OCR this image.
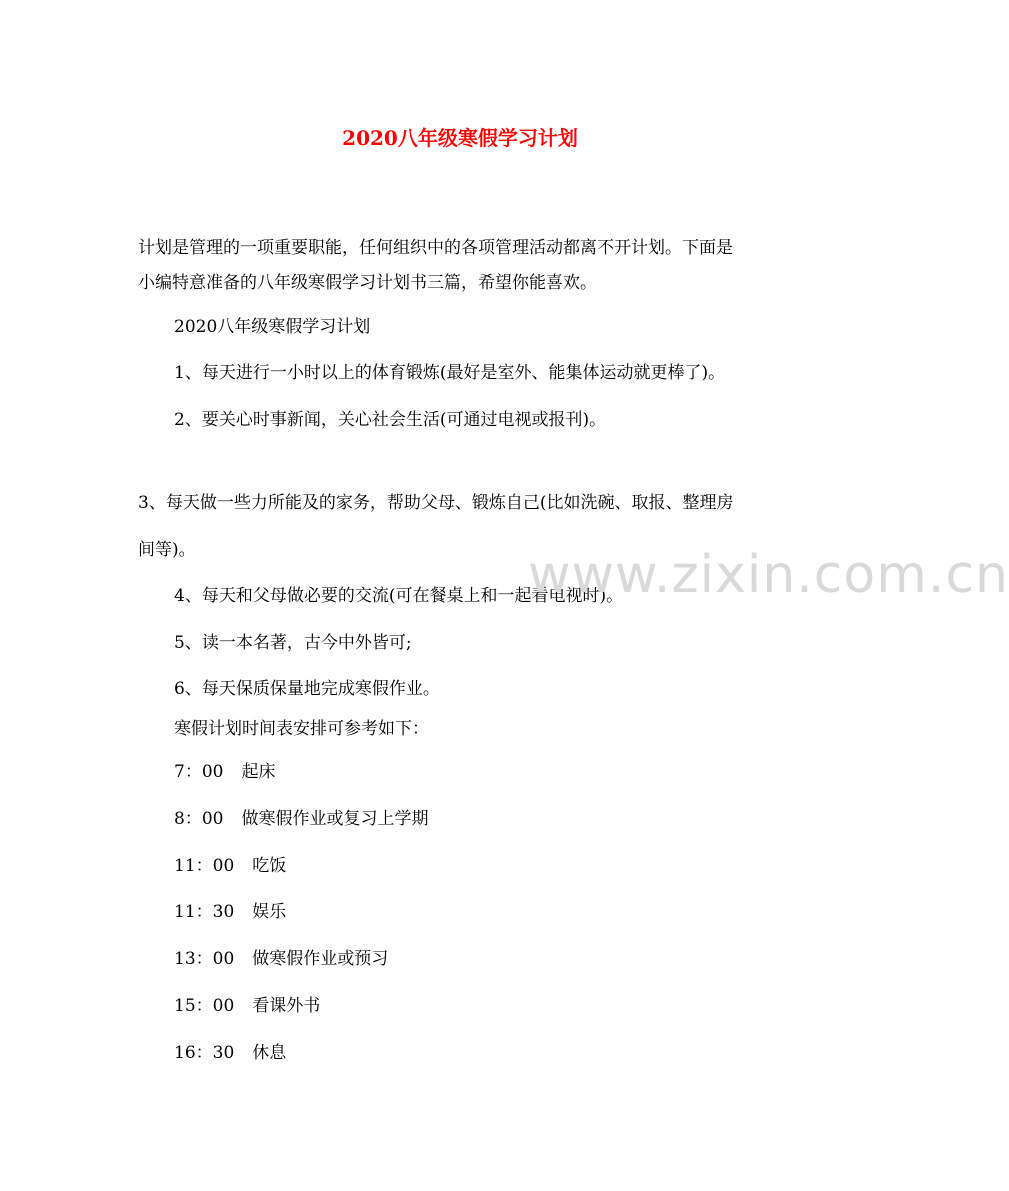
2020八年级寒假学习计划
计划是管理的一项重要职能，任何组织中的各项管理活动都离不开计划。下面是
小编特意准备的八年级寒假学习计划书三篇，希望你能喜欢。
2020八年级寒假学习计划
1、每天进行一小时以上的体育锻炼(最好是室外、能集体运动就更棒了)。
2、要关心时事新闻，关心社会生活(可通过电视或报刊)。
3、每天做一些力所能及的家务，帮助父母、锻炼自己(比如洗碗、取报、整理房
间等)。
4、每天和父母做必要的交流(可在餐桌上和一起看电视时)。
5、读一本名著，古今中外皆可;
6、每天保质保量地完成寒假作业。
寒假计划时间表安排可参考如下：
7：00 起床
8：00 做寒假作业或复习上学期
11：00 吃饭
11：30 娱乐
13：00 做寒假作业或预习
15：00 看课外书
16：30 休息
www.zixin.com.cn
